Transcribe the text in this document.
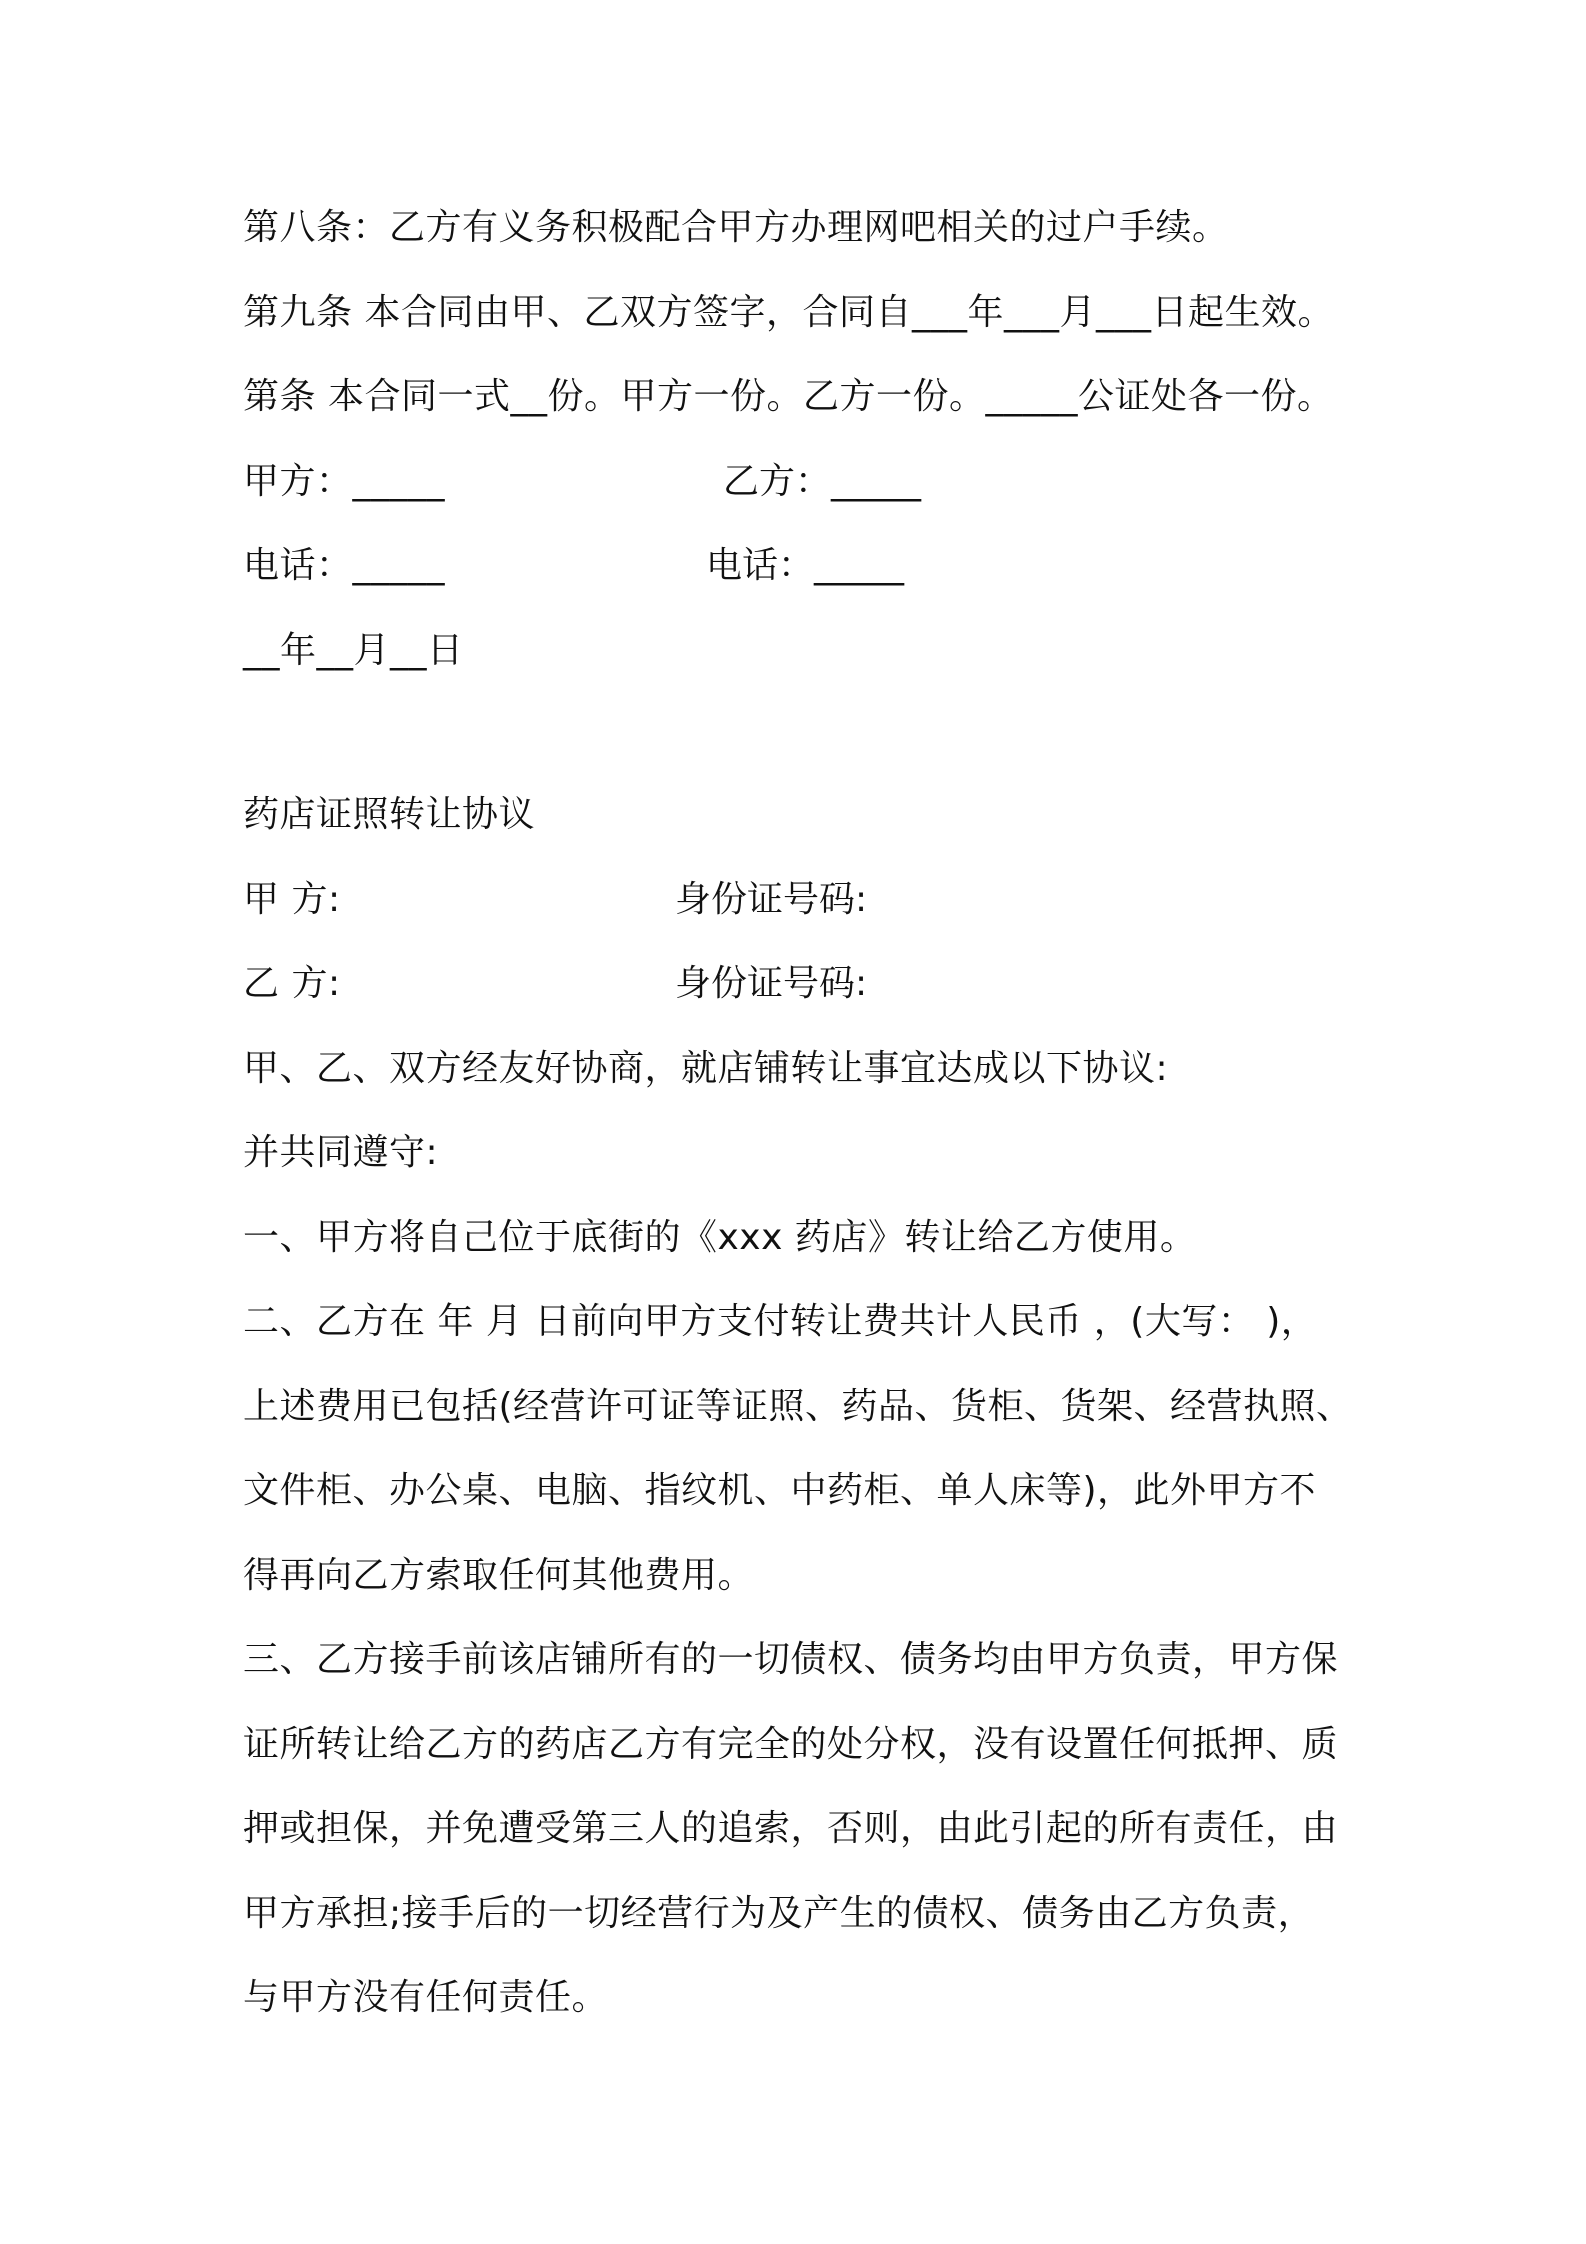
第八条：乙方有义务积极配合甲方办理网吧相关的过户手续。
第九条 本合同由甲、乙双方签字，合同自___年___月___日起生效。
第条 本合同一式__份。甲方一份。乙方一份。_____公证处各一份。
甲方：_____	乙方：_____
电话：_____	电话：_____
__年__月__日
药店证照转让协议
甲 方:	身份证号码:
乙 方:	身份证号码:
甲、乙、双方经友好协商，就店铺转让事宜达成以下协议:
并共同遵守:
一、甲方将自己位于底街的《xxx 药店》转让给乙方使用。
二、乙方在 年 月 日前向甲方支付转让费共计人民币 ，(大写： )，
上述费用已包括(经营许可证等证照、药品、货柜、货架、经营执照、
文件柜、办公桌、电脑、指纹机、中药柜、单人床等)，此外甲方不
得再向乙方索取任何其他费用。
三、乙方接手前该店铺所有的一切债权、债务均由甲方负责，甲方保
证所转让给乙方的药店乙方有完全的处分权，没有设置任何抵押、质
押或担保，并免遭受第三人的追索，否则，由此引起的所有责任，由
甲方承担;接手后的一切经营行为及产生的债权、债务由乙方负责，
与甲方没有任何责任。
